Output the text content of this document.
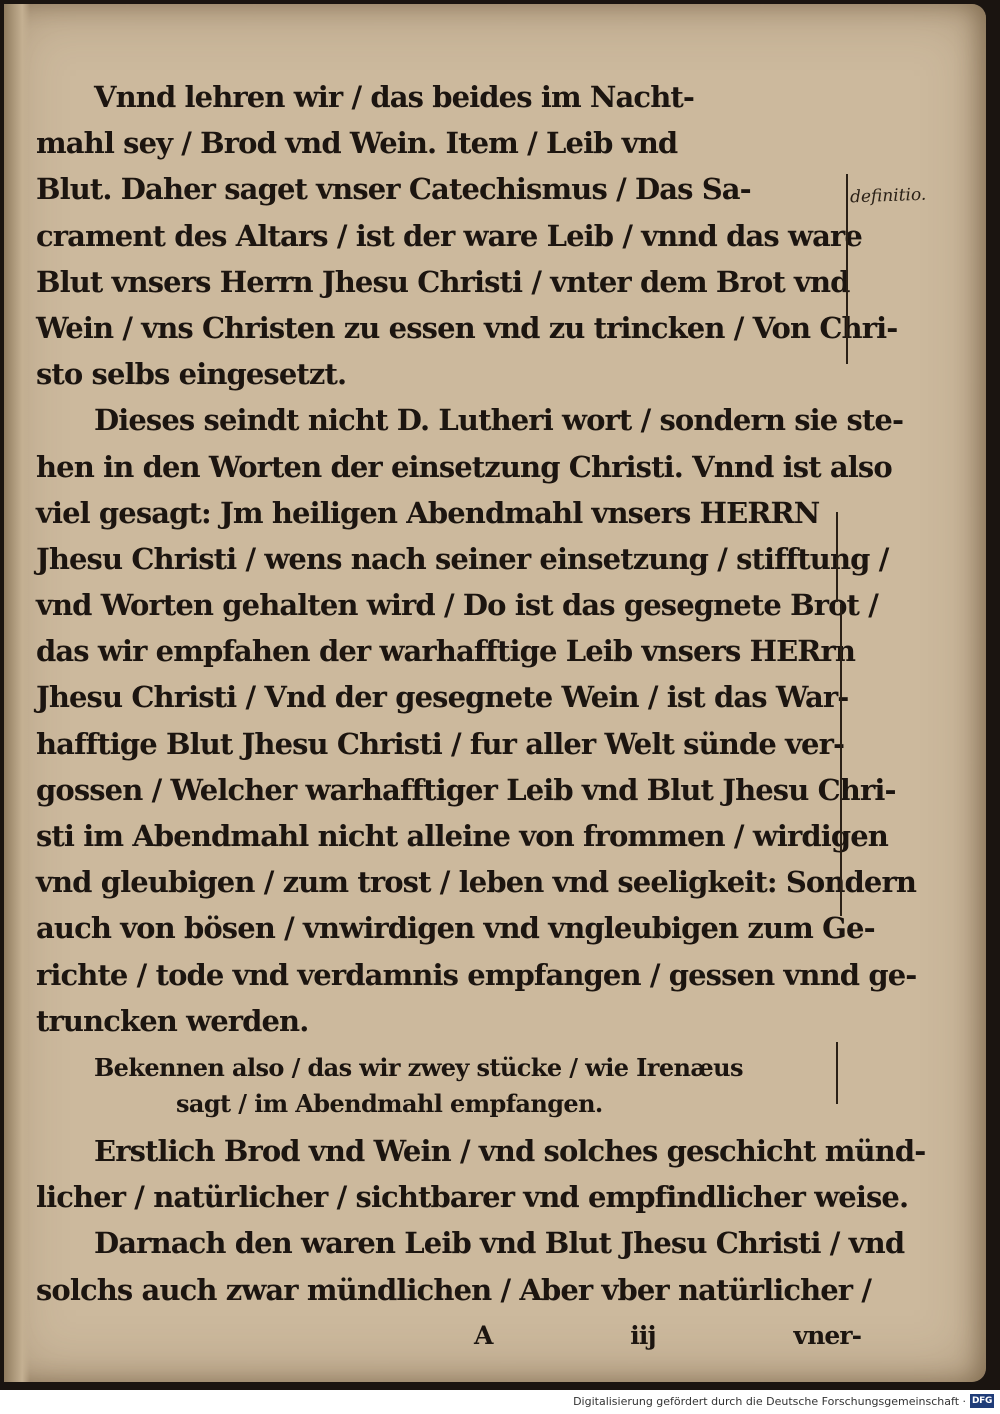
Vnnd lehren wir / das beides im Nacht-
mahl sey / Brod vnd Wein. Item / Leib vnd
Blut. Daher saget vnser Catechismus / Das Sa-
crament des Altars / ist der ware Leib / vnnd das ware
Blut vnsers Herrn Jhesu Christi / vnter dem Brot vnd
Wein / vns Christen zu essen vnd zu trincken / Von Chri-
sto selbs eingesetzt.
Dieses seindt nicht D. Lutheri wort / sondern sie ste-
hen in den Worten der einsetzung Christi. Vnnd ist also
viel gesagt: Jm heiligen Abendmahl vnsers HERRN
Jhesu Christi / wens nach seiner einsetzung / stifftung /
vnd Worten gehalten wird / Do ist das gesegnete Brot /
das wir empfahen der warhafftige Leib vnsers HERrn
Jhesu Christi / Vnd der gesegnete Wein / ist das War-
hafftige Blut Jhesu Christi / fur aller Welt sünde ver-
gossen / Welcher warhafftiger Leib vnd Blut Jhesu Chri-
sti im Abendmahl nicht alleine von frommen / wirdigen
vnd gleubigen / zum trost / leben vnd seeligkeit: Sondern
auch von bösen / vnwirdigen vnd vngleubigen zum Ge-
richte / tode vnd verdamnis empfangen / gessen vnnd ge-
truncken werden.
Bekennen also / das wir zwey stücke / wie Irenæus
sagt / im Abendmahl empfangen.
Erstlich Brod vnd Wein / vnd solches geschicht münd-
licher / natürlicher / sichtbarer vnd empfindlicher weise.
Darnach den waren Leib vnd Blut Jhesu Christi / vnd
solchs auch zwar mündlichen / Aber vber natürlicher /
A iij	vner-
definitio.
Digitalisierung gefördert durch die Deutsche Forschungsgemeinschaft · DFG
